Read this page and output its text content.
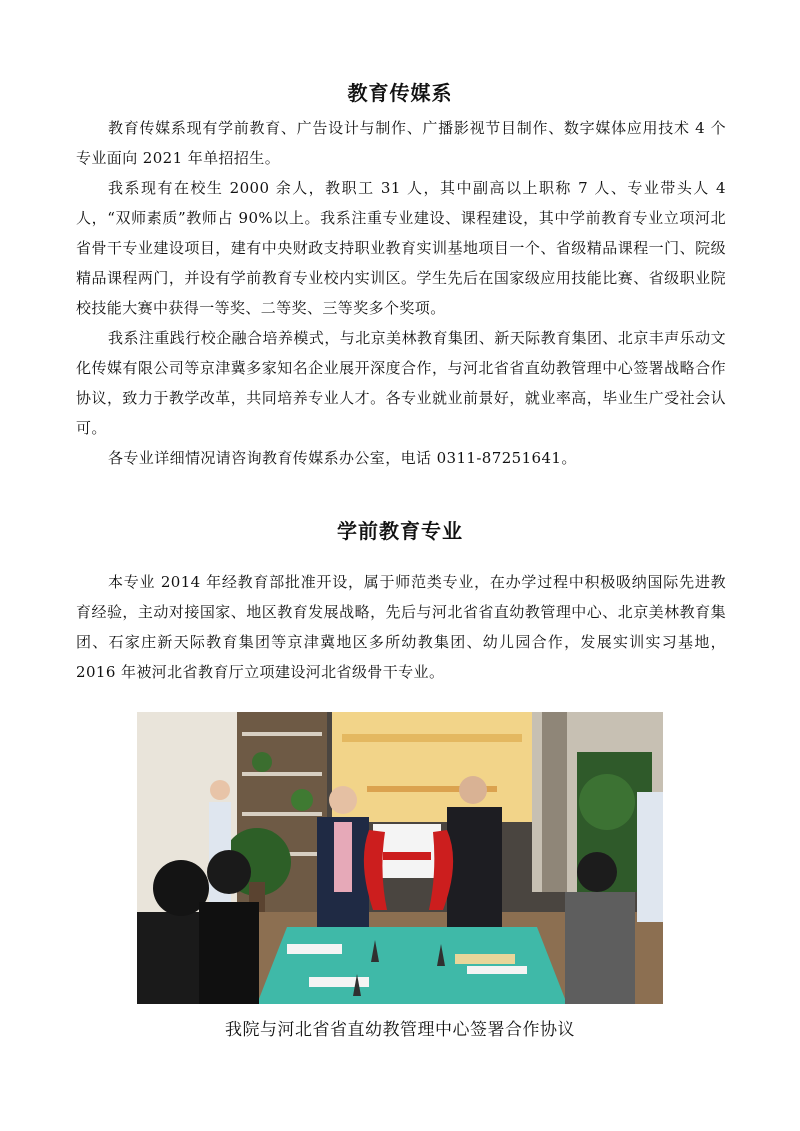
教育传媒系

教育传媒系现有学前教育、广告设计与制作、广播影视节目制作、数字媒体应用技术 4 个专业面向 2021 年单招招生。

我系现有在校生 2000 余人，教职工 31 人，其中副高以上职称 7 人、专业带头人 4 人，“双师素质”教师占 90%以上。我系注重专业建设、课程建设，其中学前教育专业立项河北省骨干专业建设项目，建有中央财政支持职业教育实训基地项目一个、省级精品课程一门、院级精品课程两门，并设有学前教育专业校内实训区。学生先后在国家级应用技能比赛、省级职业院校技能大赛中获得一等奖、二等奖、三等奖多个奖项。

我系注重践行校企融合培养模式，与北京美林教育集团、新天际教育集团、北京丰声乐动文化传媒有限公司等京津冀多家知名企业展开深度合作，与河北省省直幼教管理中心签署战略合作协议，致力于教学改革，共同培养专业人才。各专业就业前景好，就业率高，毕业生广受社会认可。

各专业详细情况请咨询教育传媒系办公室，电话 0311-87251641。

学前教育专业

本专业 2014 年经教育部批准开设，属于师范类专业，在办学过程中积极吸纳国际先进教育经验，主动对接国家、地区教育发展战略，先后与河北省省直幼教管理中心、北京美林教育集团、石家庄新天际教育集团等京津冀地区多所幼教集团、幼儿园合作，发展实训实习基地，2016 年被河北省教育厅立项建设河北省级骨干专业。

我院与河北省省直幼教管理中心签署合作协议
